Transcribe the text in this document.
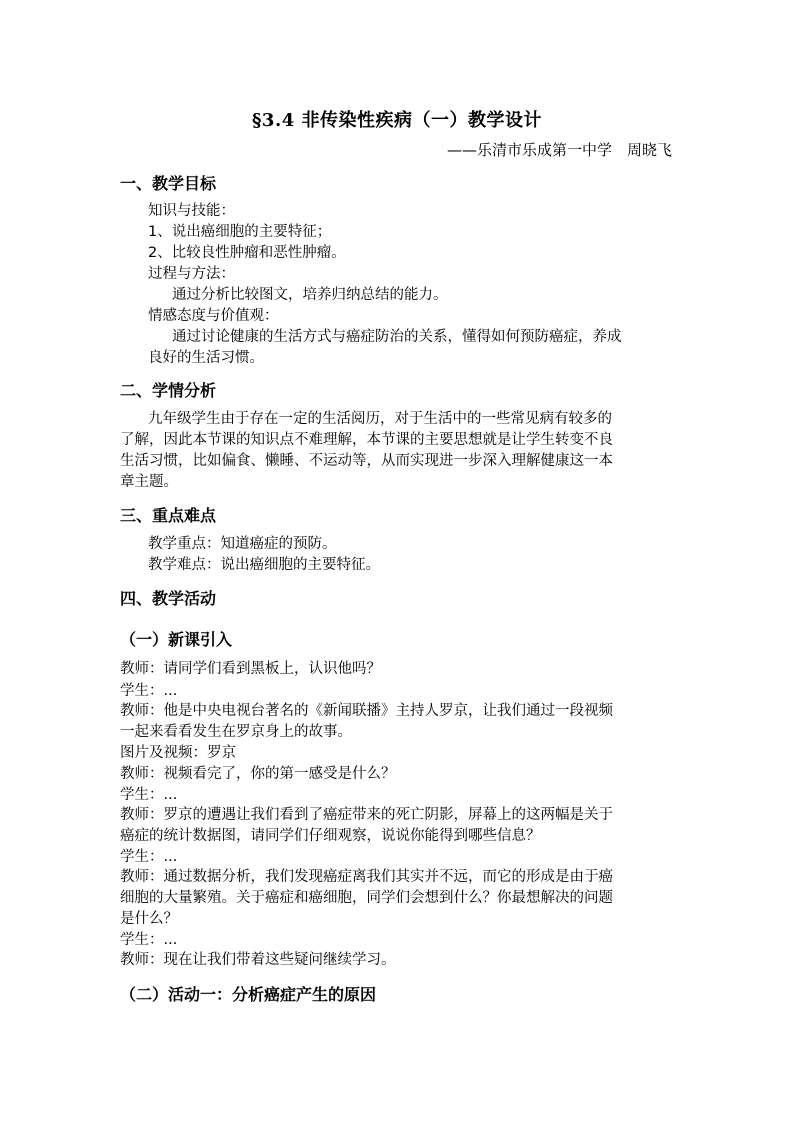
§3.4 非传染性疾病（一）教学设计
——乐清市乐成第一中学　周晓飞
一、教学目标
知识与技能：
1、说出癌细胞的主要特征；
2、比较良性肿瘤和恶性肿瘤。
过程与方法：
通过分析比较图文，培养归纳总结的能力。
情感态度与价值观：
通过讨论健康的生活方式与癌症防治的关系，懂得如何预防癌症，养成
良好的生活习惯。
二、学情分析
九年级学生由于存在一定的生活阅历，对于生活中的一些常见病有较多的
了解，因此本节课的知识点不难理解，本节课的主要思想就是让学生转变不良
生活习惯，比如偏食、懒睡、不运动等，从而实现进一步深入理解健康这一本
章主题。
三、重点难点
教学重点：知道癌症的预防。
教学难点：说出癌细胞的主要特征。
四、教学活动
（一）新课引入
教师：请同学们看到黑板上，认识他吗？
学生：...
教师：他是中央电视台著名的《新闻联播》主持人罗京，让我们通过一段视频
一起来看看发生在罗京身上的故事。
图片及视频：罗京
教师：视频看完了，你的第一感受是什么？
学生：...
教师：罗京的遭遇让我们看到了癌症带来的死亡阴影，屏幕上的这两幅是关于
癌症的统计数据图，请同学们仔细观察，说说你能得到哪些信息？
学生：...
教师：通过数据分析，我们发现癌症离我们其实并不远，而它的形成是由于癌
细胞的大量繁殖。关于癌症和癌细胞，同学们会想到什么？你最想解决的问题
是什么？
学生：...
教师：现在让我们带着这些疑问继续学习。
（二）活动一：分析癌症产生的原因
